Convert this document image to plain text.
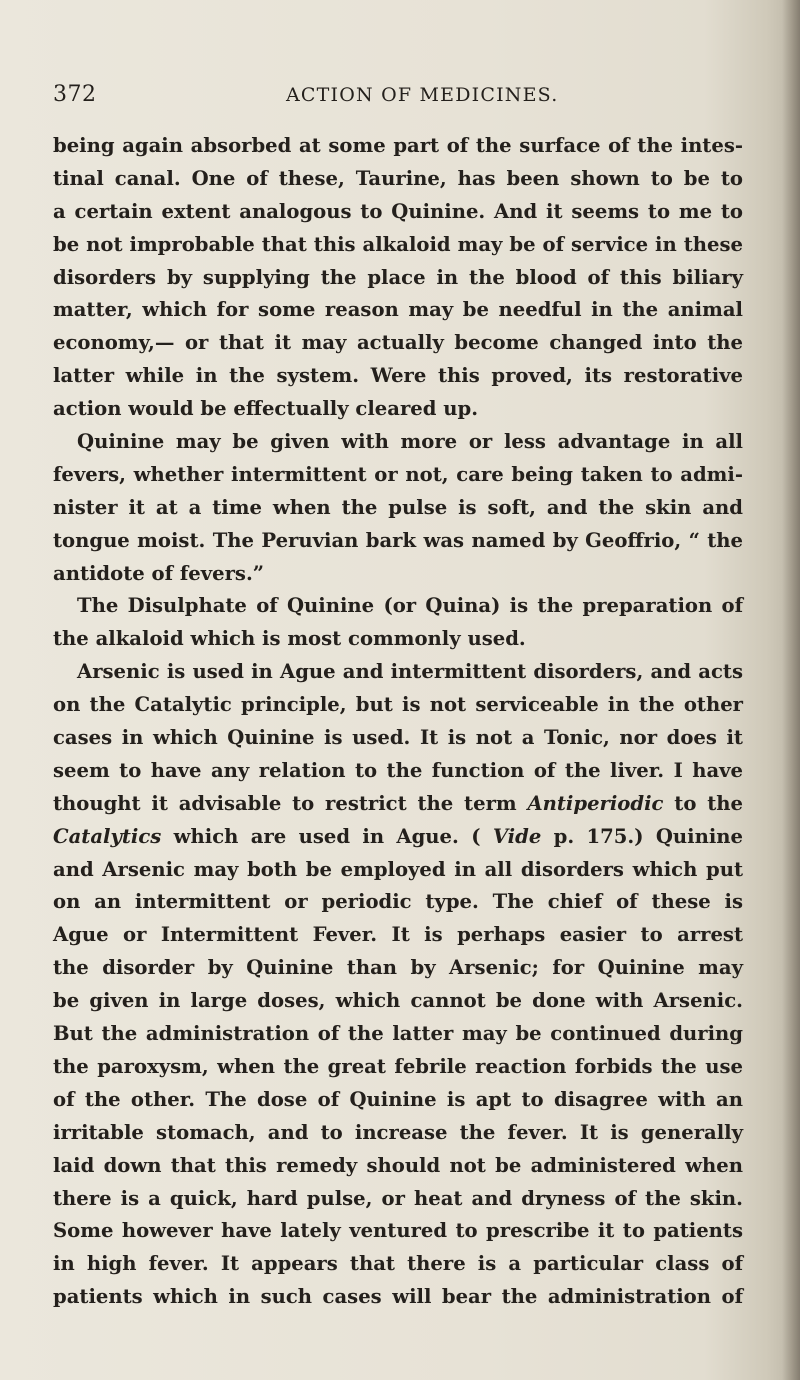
372	ACTION OF MEDICINES.
being again absorbed at some part of the surface of the intes-
tinal canal. One of these, Taurine, has been shown to be to
a certain extent analogous to Quinine. And it seems to me to
be not improbable that this alkaloid may be of service in these
disorders by supplying the place in the blood of this biliary
matter, which for some reason may be needful in the animal
economy,— or that it may actually become changed into the
latter while in the system. Were this proved, its restorative
action would be effectually cleared up.
Quinine may be given with more or less advantage in all
fevers, whether intermittent or not, care being taken to admi-
nister it at a time when the pulse is soft, and the skin and
tongue moist. The Peruvian bark was named by Geoffrio, “ the
antidote of fevers.”
The Disulphate of Quinine (or Quina) is the preparation of
the alkaloid which is most commonly used.
Arsenic is used in Ague and intermittent disorders, and acts
on the Catalytic principle, but is not serviceable in the other
cases in which Quinine is used. It is not a Tonic, nor does it
seem to have any relation to the function of the liver. I have
thought it advisable to restrict the term Antiperiodic to the
Catalytics which are used in Ague. ( Vide p. 175.) Quinine
and Arsenic may both be employed in all disorders which put
on an intermittent or periodic type. The chief of these is
Ague or Intermittent Fever. It is perhaps easier to arrest
the disorder by Quinine than by Arsenic; for Quinine may
be given in large doses, which cannot be done with Arsenic.
But the administration of the latter may be continued during
the paroxysm, when the great febrile reaction forbids the use
of the other. The dose of Quinine is apt to disagree with an
irritable stomach, and to increase the fever. It is generally
laid down that this remedy should not be administered when
there is a quick, hard pulse, or heat and dryness of the skin.
Some however have lately ventured to prescribe it to patients
in high fever. It appears that there is a particular class of
patients which in such cases will bear the administration of
